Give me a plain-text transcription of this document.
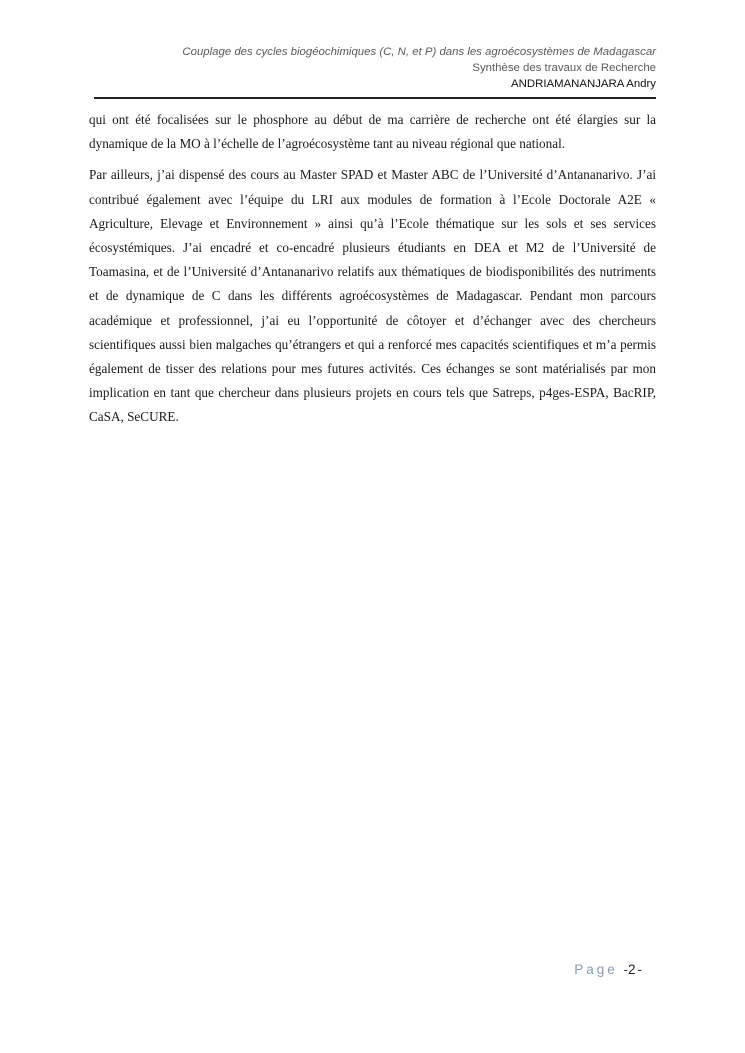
Couplage des cycles biogéochimiques (C, N, et P) dans les agroécosystèmes de Madagascar
Synthèse des travaux de Recherche
ANDRIAMANANJARA Andry

qui ont été focalisées sur le phosphore au début de ma carrière de recherche ont été élargies sur la dynamique de la MO à l’échelle de l’agroécosystème tant au niveau régional que national.

Par ailleurs, j’ai dispensé des cours au Master SPAD et Master ABC de l’Université d’Antananarivo. J’ai contribué également avec l’équipe du LRI aux modules de formation à l’Ecole Doctorale A2E « Agriculture, Elevage et Environnement » ainsi qu’à l’Ecole thématique sur les sols et ses services écosystémiques. J’ai encadré et co-encadré plusieurs étudiants en DEA et M2 de l’Université de Toamasina, et de l’Université d’Antananarivo relatifs aux thématiques de biodisponibilités des nutriments et de dynamique de C dans les différents agroécosystèmes de Madagascar. Pendant mon parcours académique et professionnel, j’ai eu l’opportunité de côtoyer et d’échanger avec des chercheurs scientifiques aussi bien malgaches qu’étrangers et qui a renforcé mes capacités scientifiques et m’a permis également de tisser des relations pour mes futures activités. Ces échanges se sont matérialisés par mon implication en tant que chercheur dans plusieurs projets en cours tels que Satreps, p4ges-ESPA, BacRIP, CaSA, SeCURE.

Page -2 -
